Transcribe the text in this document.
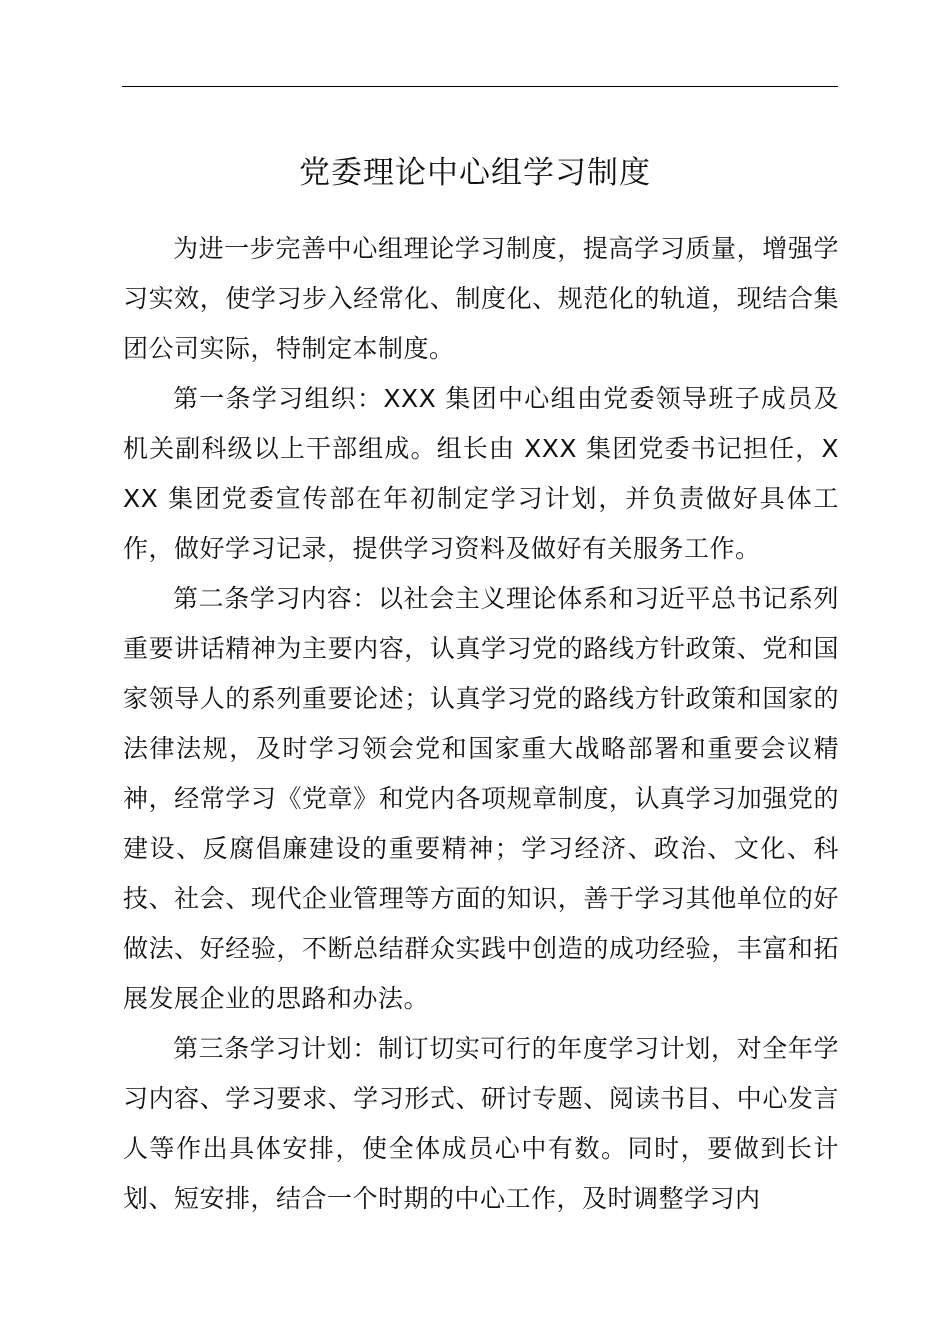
党委理论中心组学习制度

为进一步完善中心组理论学习制度，提高学习质量，增强学习实效，使学习步入经常化、制度化、规范化的轨道，现结合集团公司实际，特制定本制度。

第一条学习组织：XXX 集团中心组由党委领导班子成员及机关副科级以上干部组成。组长由 XXX 集团党委书记担任，XXX 集团党委宣传部在年初制定学习计划，并负责做好具体工作，做好学习记录，提供学习资料及做好有关服务工作。

第二条学习内容：以社会主义理论体系和习近平总书记系列重要讲话精神为主要内容，认真学习党的路线方针政策、党和国家领导人的系列重要论述；认真学习党的路线方针政策和国家的法律法规，及时学习领会党和国家重大战略部署和重要会议精神，经常学习《党章》和党内各项规章制度，认真学习加强党的建设、反腐倡廉建设的重要精神；学习经济、政治、文化、科技、社会、现代企业管理等方面的知识，善于学习其他单位的好做法、好经验，不断总结群众实践中创造的成功经验，丰富和拓展发展企业的思路和办法。

第三条学习计划：制订切实可行的年度学习计划，对全年学习内容、学习要求、学习形式、研讨专题、阅读书目、中心发言人等作出具体安排，使全体成员心中有数。同时，要做到长计划、短安排，结合一个时期的中心工作，及时调整学习内
